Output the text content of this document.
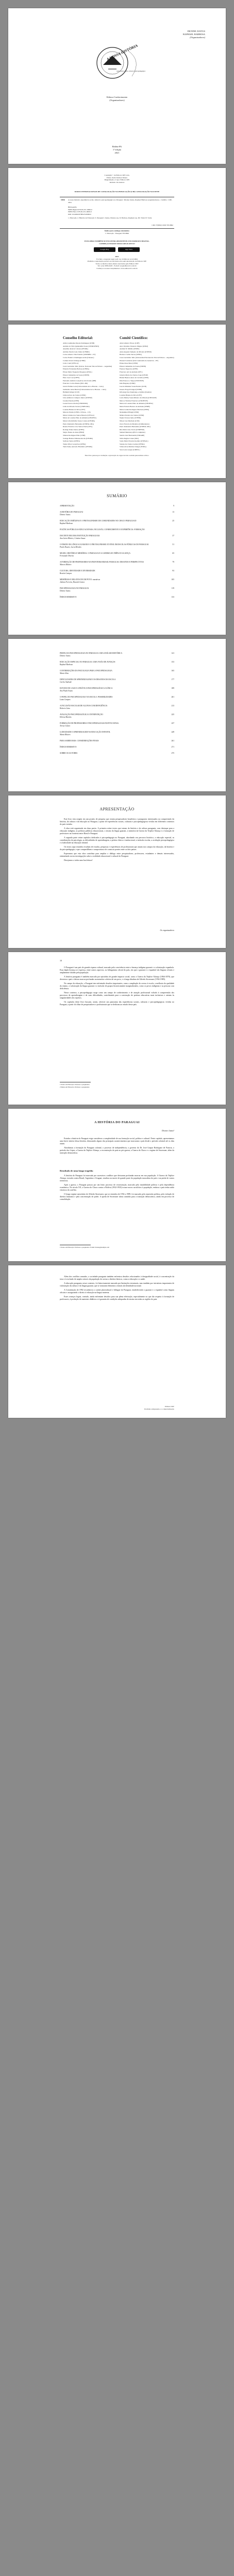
DIONNE JUSTUS
RAPHAEL BARBOSA
(Organizadores)
A NOSSA HISTÓRIA
experiência social, cultural e psicopedagógica
Editora Conhecimento
(Organizadores)
Belém-PA
1ª edição
2021
Copyright © da Editora CRV Ltda.
Editor-chefe: Railson Moura
Diagramação e Capa: Editora CRV
Revisão: Os Autores
DADOS INTERNACIONAIS DE CATALOGAÇÃO NA PUBLICAÇÃO (CIP) CATALOGAÇÃO NA FONTE
N898 A nossa história: experiência social, cultural e psicopedagógica no Paraguai / Dionne Justus, Raphael Barbosa (organizadores) – Curitiba : CRV, 2021.
Bibliografia
ISBN Digital 978-65-251-0000-0
ISBN Físico 978-65-251-0000-0
DOI 10.24824/978652510000.0
1. Educação 2. História da Educação 3. Paraguai I. Justus, Dionne org. II. Barbosa, Raphael org. III. Título IV. Série
CDU 37(892) CDD 370.9892
Índice para catálogo sistemático
1. Educação - Paraguai 370.9892
ESTA OBRA TAMBÉM SE ENCONTRA DISPONÍVEL EM FORMATO DIGITAL.
CONHEÇA E BAIXE NOSSO APLICATIVO!
Google Play	App Store
2021
Foi feito o depósito legal conf. Lei 10.994 de 14/12/2004
Proibida a reprodução parcial ou total desta obra sem autorização da Editora CRV
Todos os direitos desta edição reservados pela Editora CRV
Tel.: (41) 3039-6418 - E-mail: sac@editoracrv.com.br
Conheça os nossos lançamentos: www.editoracrv.com.br
Conselho Editorial:	Comitê Científico:
Aldira Guimarães Duarte Domínguez (UNB)
Andréia da Silva Quintanilha Sousa (UNIR/UFRN)
Anselmo Alencar Colares (UFOPA)
Antônio Pereira Gaio Júnior (UFRRJ)
Carlos Alberto Vilar Estêvão (UMINHO – PT)
Carlos Federico Domínguez Avila (Unieuro)
Carmen Tereza Velanga (UNIR)
Celso Conti (UFSCar)
Cesar Gerónimo Tello (Univer. Nacional Três de Febrero – Argentina)
Eduardo Fernandes Barbosa (UFMG)
Elione Maria Nogueira Diogenes (UFAL)
Elizeu Clementino de Souza (UNEB)
Élsio José Corá (UFFS)
Fernando Antônio Gonçalves Alcoforado (IPB)
Francisco Carlos Duarte (PUC-PR)
Gloria Fariñas León (Universidade de La Havana – Cuba)
Guillermo Arias Beatón (Universidade de La Havana – Cuba)
Helmuth Krüger (UCP)
Jailson Alves dos Santos (UFRJ)
João Adalberto Campato Junior (UNESP)
Josania Portela (UFPI)
Leonel Severo Rocha (UNISINOS)
Lídia de Oliveira Xavier (UNIEURO)
Lourdes Helena da Silva (UFV)
Marcelo Paixão (UFRJ e UTexas – US)
Maria Cristina dos Santos Bezerra (UFSCar)
Maria de Lourdes Pinto de Almeida (UNOESC)
Maria Lília Imbiriba Sousa Colares (UFOPA)
Paulo Romualdo Hernandes (UNIFAL-MG)
Renato Francisco dos Santos Paula (UFG)
Rodrigo Pratte-Santos (UFES)
Sérgio Nunes de Jesus (IFRO)
Simone Rodrigues Pinto (UNB)
Solange Helena Ximenes-Rocha (UFOPA)
Sydione Santos (UEPG)
Tadeu Oliver Gonçalves (UFPA)
Tania Suely Azevedo Brasileiro (UFOPA)
Altair Alberto Fávero (UPF)
Ana Chrystina Venancio Mignot (UERJ)
Andréia N. Militão (UEMS)
Anna Augusta Sampaio de Oliveira (UNESP)
Barbara Coelho Neves (UFBA)
Cesar Gerónimo Tello (Universidad Nacional de Três de Febrero – Argentina)
Diosnel Centurion (Univ Autónoma de Asunción – PY)
Eliane Rose Maio (UEM)
Elizeu Clementino de Souza (UNEB)
Fauston Negreiros (UFPI)
Francisco Ari de Andrade (UFC)
Gláucia Maria dos Santos Jorge (UFOP)
Helder Buenos Aires de Carvalho (UFPI)
Ilma Passos A. Veiga (UNICEUB)
Inês Bragança (UERJ)
José de Ribamar Sousa Pereira (UCB)
Jussara Fraga Portugal (UNEB)
Kilwangy Kya Kapitango-a-Samba (Unemat)
Lourdes Helena da Silva (UFV)
Lucia Marisy Souza Ribeiro de Oliveira (UNIVASF)
Marcos Vinicius Francisco (UNOESTE)
Maria de Lourdes Pinto de Almeida (UNOESC)
Maria Eurácia Barreto de Andrade (UFRB)
Maria Lurdes Rodrigues Maclean (UFPA)
Mohammed Elhajji (UFRJ)
Mônica Pereira dos Santos (UFRJ)
Najela Tavares Ujiie (UTFPR)
Nilson José Machado (USP)
Oscar Ferreira de Medeiros (UniRedentor)
Paulo Romualdo Hernandes (UNIFAL-MG)
Rita Maria Lino Tarcia (UNIFESP)
Samuel Mendonça (PUC-Campinas)
Sandro Luiz Bazzanella (UNIARP)
Silvia Regina Canan (URI)
Sonia Maria Ferreira Koehler (UNISAL)
Suzana dos Santos Gomes (UFMG)
Vânia Alves Martins Chaigar (FURG)
Vera Lucia Gaspar (UDESC)
Este livro passou por avaliação e aprovação às cegas de dois ou mais pareceristas ad hoc.
SUMÁRIO
APRESENTAÇÃO	9
A HISTÓRIA DO PARAGUAI
Dionne Justus
13
EDUCAÇÃO INDÍGENA E O PROTAGONISMO DE COMUNIDADES NO CHACO PARAGUAIO
Raphael Barbosa
25
POLÍTICAS PÚBLICAS EDUCACIONAIS, INCLUSÃO, CONHECIMENTO E EXPERIÊNCIA: FORMAÇÃO
DOCENTE EM UMA INSTITUIÇÃO PARAGUAIA
Ana Lúcia Ribeiro, Cristina Souza
37
O ENSINO DA LÍNGUA GUARANI E O PROTAGONISMO JUVENIL EM ESCOLAS PÚBLICAS DO PARAGUAI
Paulo Duarte, Lucia Mendes
51
MUSEU, HISTÓRIA E MEMÓRIA: O PARAGUAI E A GUERRA DA TRÍPLICE ALIANÇA
Fernanda Oliveira
65
A FORMAÇÃO DE PROFESSORES NA FRONTEIRA BRASIL-PARAGUAI: DESAFIOS E PERSPECTIVAS
Marcos Ribeiro
79
CULTURA, IDENTIDADE E DIVERSIDADE
Beatriz Campos
93
MEMÓRIAS E RELATOS DE UM POVO: narrativas
Juliana Ferreira, Ricardo Gomes
105
PSICOPEDAGOGIA NO PARAGUAI
Dionne Justus
119
ÍNDICE REMISSIVO	133
PERFIL DA PSICOPEDAGOGIA NO PARAGUAI: UMA ANÁLISE HISTÓRICA
Dionne Justus
141
EDUCAÇÃO ESPECIAL NO PARAGUAI: UMA VISÃO DE AVANÇOS
Raphael Barbosa
153
CONTRIBUIÇÕES DA PSICOLOGIA PARA A PSICOPEDAGOGIA
Maria Silva
165
DIFICULDADES DE APRENDIZAGEM E OS DESAFIOS DA ESCOLA
Carlos Andrade
177
ESTUDO DE CASO E A PRÁTICA PSICOPEDAGÓGICA CLÍNICA
Ana Paula Souza
189
O PAPEL DO PSICOPEDAGOGO NA ESCOLA: POSSIBILIDADES
Luiza Campos
201
A INCLUSÃO ESCOLAR DE ALUNOS COM DEFICIÊNCIA
Roberto Lima
213
AVALIAÇÃO PSICOPEDAGÓGICA E INTERVENÇÃO
Helena Martins
225
FORMAÇÃO DE PROFESSORES E PSICOPEDAGOGIA INSTITUCIONAL
Teresa Gomes
237
LUDICIDADE E APRENDIZAGEM NA EDUCAÇÃO INFANTIL
Marta Ribeiro
249
PARA SABER MAIS: CONSIDERAÇÕES FINAIS	261
ÍNDICE REMISSIVO	271
SOBRE OS AUTORES	275
APRESENTAÇÃO
Este livro tem origem em um projeto de pesquisa que reuniu pesquisadores brasileiros e paraguaios interessados na compreensão da história, da cultura e da educação no Paraguai, a partir de experiências sociais, culturais e psicopedagógicas vividas em diferentes contextos do país vizinho.
A obra está organizada em duas partes. A primeira reúne textos que tratam da história e da cultura paraguaia, com destaque para a educação indígena, as políticas públicas educacionais, o ensino da língua guarani, a memória da Guerra da Tríplice Aliança e a formação de professores na fronteira entre Brasil e Paraguai.
A segunda parte reúne capítulos dedicados à psicopedagogia no Paraguai, abordando seu percurso histórico, a educação especial, as contribuições da psicologia, as dificuldades de aprendizagem, a prática clínica e institucional, a inclusão escolar, a avaliação psicopedagógica e a ludicidade na educação infantil.
Os textos aqui reunidos resultam de estudos, pesquisas e experiências de profissionais que atuam nos campos da educação, da história e da psicopedagogia, e que compartilham o compromisso de construir pontes entre os dois países.
Esperamos que esta obra contribua para ampliar o diálogo entre pesquisadores, professores, estudantes e demais interessados, estimulando novas investigações sobre a realidade educacional e cultural do Paraguai.
Desejamos a todos uma boa leitura!
Os organizadores
10
O Paraguai é um país de grande riqueza cultural, marcado pela convivência entre a herança indígena guarani e a colonização espanhola. Essa dupla herança se expressa, entre outros aspectos, no bilinguismo oficial do país, em que o guarani e o espanhol são línguas oficiais e amplamente faladas pela população.
A história paraguaia é também marcada por episódios de grande impacto social, como a Guerra da Tríplice Aliança (1864-1870), que devastou o país e deixou marcas profundas na memória coletiva de seu povo, e a longa ditadura de Alfredo Stroessner (1954-1989).
No campo da educação, o Paraguai tem enfrentado desafios importantes, como a ampliação do acesso à escola, a melhoria da qualidade do ensino, a valorização da língua guarani e a inclusão de grupos historicamente marginalizados, como os povos indígenas e as pessoas com deficiência.
Nesse contexto, a psicopedagogia surge como um campo de conhecimento e de atuação profissional voltado à compreensão dos processos de aprendizagem e de suas dificuldades, contribuindo para a construção de práticas educativas mais inclusivas e atentas às singularidades dos sujeitos.
Os capítulos deste livro buscam, assim, oferecer um panorama das experiências sociais, culturais e psicopedagógicas vividas no Paraguai, a partir do olhar de pesquisadores e profissionais que se dedicam ao estudo desse país.
1 Doutor em Educação. Professor e pesquisador.
2 Mestre em Educação. Professor e pesquisador.
A HISTÓRIA DO PARAGUAI
Dionne Justus¹
Estudar a história do Paraguai exige considerar a complexidade de sua formação social, política e cultural. Neste capítulo, apresentamos uma breve síntese dessa história, destacando alguns dos principais acontecimentos que marcaram o país desde o período colonial até os dias atuais.
Abordamos a formação do Paraguai colonial, o processo de independência, o governo do Dr. José Gaspar Rodríguez de Francia, o período dos López, a Guerra da Tríplice Aliança, a reconstrução do país no pós-guerra, a Guerra do Chaco e o regime de Stroessner, além da transição democrática.
Resultado de uma longa tragédia
A história do Paraguai foi marcada por sucessivos conflitos que deixaram profundas marcas em sua população. A Guerra da Tríplice Aliança, travada contra Brasil, Argentina e Uruguai, resultou na morte de grande parte da população masculina do país e na perda de vastos territórios.
Após a guerra, o Paraguai passou por um lento processo de reconstrução, marcado pela instabilidade política e pela dependência econômica. No século XX, a Guerra do Chaco contra a Bolívia (1932-1935) trouxe novos sacrifícios à população, embora o país tenha saído vitorioso do conflito.
O longo regime autoritário de Alfredo Stroessner, que se estendeu de 1954 a 1989, foi marcado pela repressão política, pela violação de direitos humanos e pela concentração de poder. A queda de Stroessner abriu caminho para a transição democrática, ainda em processo de consolidação.
1 Doutor em Educação. Professor e pesquisador. E-mail: dionne@exemplo.com
Além dos conflitos armados, a sociedade paraguaia também enfrentou desafios relacionados à desigualdade social, à concentração da terra e à exclusão de amplos setores da população do acesso a direitos básicos, como a educação e a saúde.
A educação paraguaia, nesse contexto, foi historicamente marcada por limitações estruturais, mas também por iniciativas importantes de valorização da cultura e da língua guarani, que se tornaram elementos centrais da identidade nacional.
A Constituição de 1992 reconheceu o caráter pluricultural e bilíngue do Paraguai, estabelecendo o guarani e o espanhol como línguas oficiais e assegurando o direito à educação na língua materna.
Esses avanços legais, contudo, ainda enfrentam desafios para sua plena efetivação, especialmente no que diz respeito à formação de professores, à produção de materiais didáticos e à garantia de condições adequadas de ensino em todas as regiões do país.
Editora CRV
Proibida a impressão e a comercialização
